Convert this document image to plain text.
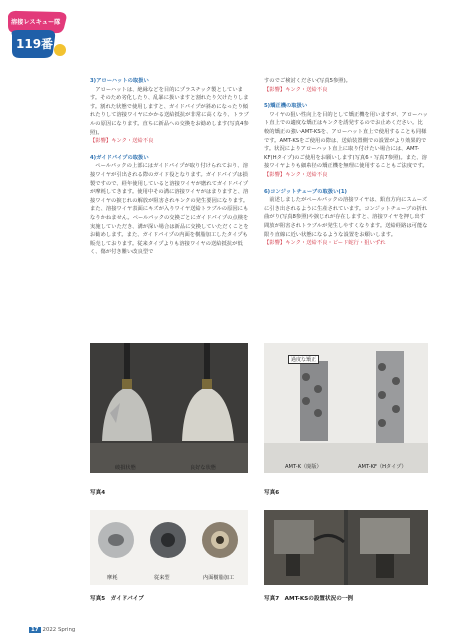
溶接レスキュー隊
119番

3)アローハットの取扱い

　アローハットは、絶縁などを目的にプラスチック製としています。そのため劣化したり、乱暴に扱いますと割れたり欠けたりします。割れた状態で使用しますと、ガイドパイプが斜めになったり傾れたりして溶接ワイヤにかかる送給抵抗が非常に高くなり、トラブルの原因になります。直ちに新品への交換をお勧めします(写真4参照)。

【影響】キンク・送給不良

4)ガイドパイプの取扱い

　ペールパックの上部にはガイドパイプが取り付けられており、溶接ワイヤが引出される際のガイド役となります。ガイドパイプは損製ですので、経年使用していると溶接ワイヤが磨れてガイドパイプが摩耗してきます。使用中その溝に溶接ワイヤがはまりますと、溶接ワイヤの捩じれの解放が阻害されキンクの発生要因になります。また、溶接ワイヤ表面にキズが入りワイヤ送給トラブルの原因にもなりかねません。ペールパックの交換ごとにガイドパイプの点検を実施していただき、溝が深い場合は新品に交換していただくことをお勧めします。また、ガイドパイプの内面を樹脂加工したタイプも販売しております。従来タイプよりも溶接ワイヤの送給抵抗が低く、傷が付き難い改良型で

すのでご検討ください(写真5参照)。

【影響】キンク・送給不良

5)矯正機の取扱い

　ワイヤの狙い性向上を目的として矯正機を用いますが、アローハット直上での適度な矯正はキンクを誘発するのでお止めください。比較的矯正の強いAMT-KSを、アローハット直上で使用することも同様です。AMT-KSをご使用の際は、送給装置側での設置がより効果的です。状況によりアローハット直上に取り付けたい場合には、AMT-KF(Hタイプ)のご使用をお願いします(写真6・写真7参照)。また、溶接ワイヤよりも細糸径の矯正機を無理に使用することもご法度です。

【影響】キンク・送給不良

6)コンジットチューブの取扱い(1)

　前述しましたがペールパックの溶接ワイヤは、鉛直方向にスムーズに引き出されるように生産されています。コンジットチューブの折れ曲がり(写真8参照)や捩じれが存在しますと、溶接ワイヤを押し出す間放が阻害されトラブルが発生しやすくなります。送給経路は可能な限り直線に近い状態になるような設置をお願いします。

【影響】キンク・送給不良・ビード蛇行・狙いずれ

破損状態	良好な状態
写真4
過度な矯正
AMT-K（廃版）	AMT-KF（Hタイプ）
写真6
摩耗	従来型	内面樹脂加工
写真5　ガイドパイプ	写真7　AMT-KSの設置状況の一例
17 2022 Spring
